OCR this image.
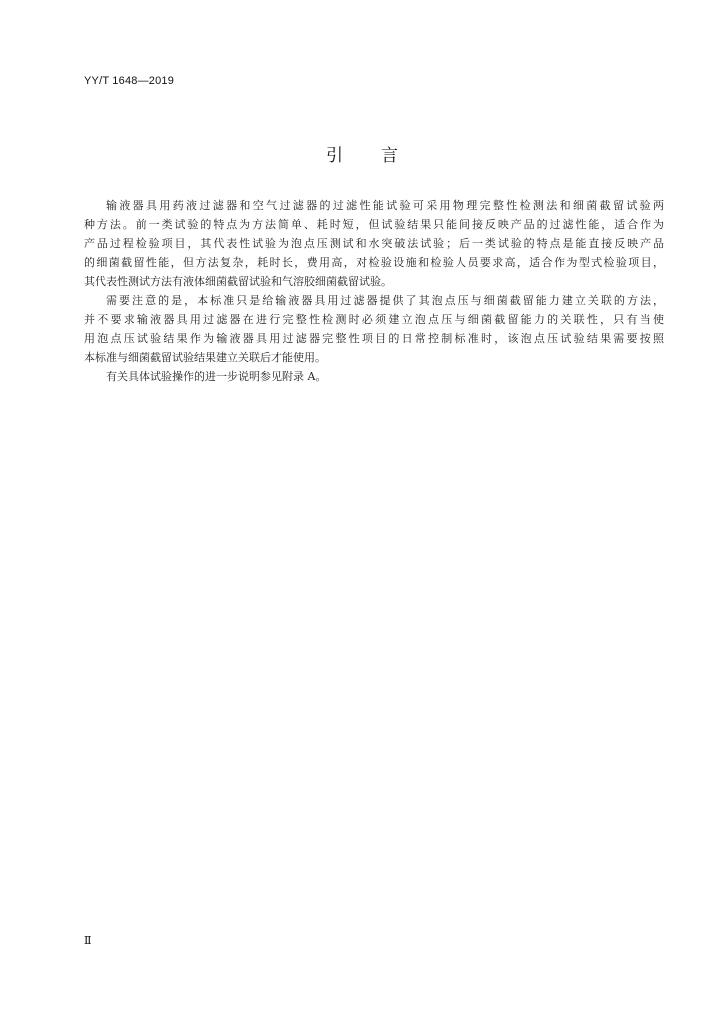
YY/T 1648—2019
引 言
输液器具用药液过滤器和空气过滤器的过滤性能试验可采用物理完整性检测法和细菌截留试验两
种方法。前一类试验的特点为方法简单、耗时短，但试验结果只能间接反映产品的过滤性能，适合作为
产品过程检验项目，其代表性试验为泡点压测试和水突破法试验；后一类试验的特点是能直接反映产品
的细菌截留性能，但方法复杂，耗时长，费用高，对检验设施和检验人员要求高，适合作为型式检验项目，
其代表性测试方法有液体细菌截留试验和气溶胶细菌截留试验。
需要注意的是，本标准只是给输液器具用过滤器提供了其泡点压与细菌截留能力建立关联的方法，
并不要求输液器具用过滤器在进行完整性检测时必须建立泡点压与细菌截留能力的关联性，只有当使
用泡点压试验结果作为输液器具用过滤器完整性项目的日常控制标准时，该泡点压试验结果需要按照
本标准与细菌截留试验结果建立关联后才能使用。
有关具体试验操作的进一步说明参见附录 A。
Ⅱ
